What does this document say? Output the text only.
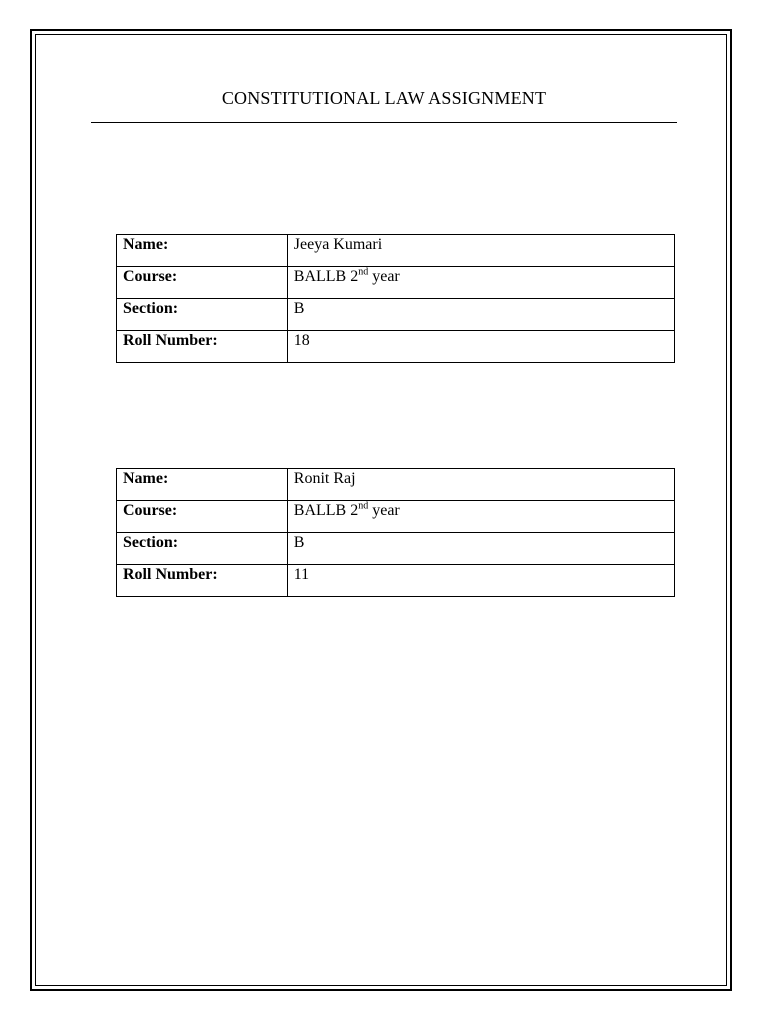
CONSTITUTIONAL LAW ASSIGNMENT
Name:	Jeeya Kumari
Course:	BALLB 2nd year
Section:	B
Roll Number:	18
Name:	Ronit Raj
Course:	BALLB 2nd year
Section:	B
Roll Number:	11
